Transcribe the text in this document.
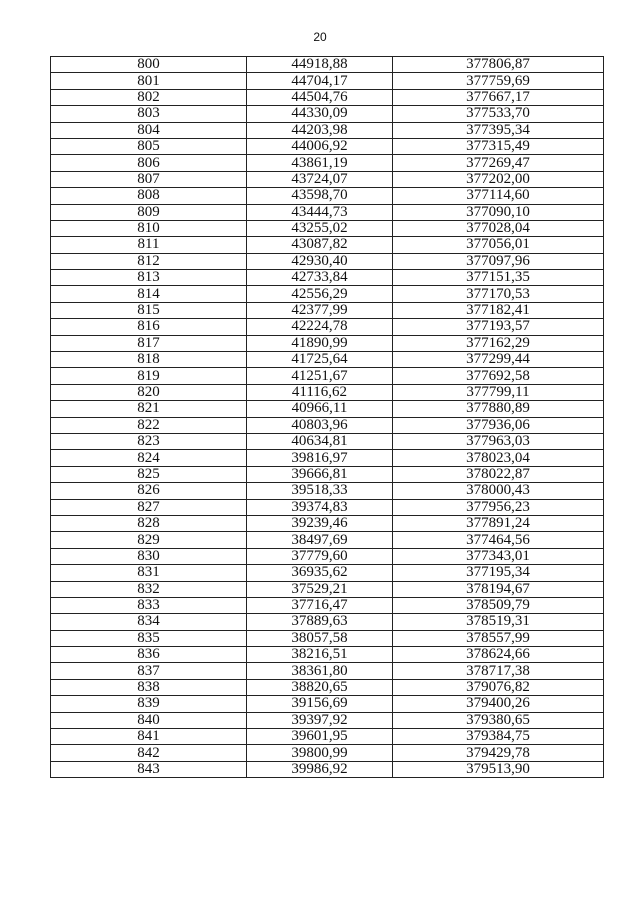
20
800	44918,88	377806,87
801	44704,17	377759,69
802	44504,76	377667,17
803	44330,09	377533,70
804	44203,98	377395,34
805	44006,92	377315,49
806	43861,19	377269,47
807	43724,07	377202,00
808	43598,70	377114,60
809	43444,73	377090,10
810	43255,02	377028,04
811	43087,82	377056,01
812	42930,40	377097,96
813	42733,84	377151,35
814	42556,29	377170,53
815	42377,99	377182,41
816	42224,78	377193,57
817	41890,99	377162,29
818	41725,64	377299,44
819	41251,67	377692,58
820	41116,62	377799,11
821	40966,11	377880,89
822	40803,96	377936,06
823	40634,81	377963,03
824	39816,97	378023,04
825	39666,81	378022,87
826	39518,33	378000,43
827	39374,83	377956,23
828	39239,46	377891,24
829	38497,69	377464,56
830	37779,60	377343,01
831	36935,62	377195,34
832	37529,21	378194,67
833	37716,47	378509,79
834	37889,63	378519,31
835	38057,58	378557,99
836	38216,51	378624,66
837	38361,80	378717,38
838	38820,65	379076,82
839	39156,69	379400,26
840	39397,92	379380,65
841	39601,95	379384,75
842	39800,99	379429,78
843	39986,92	379513,90
